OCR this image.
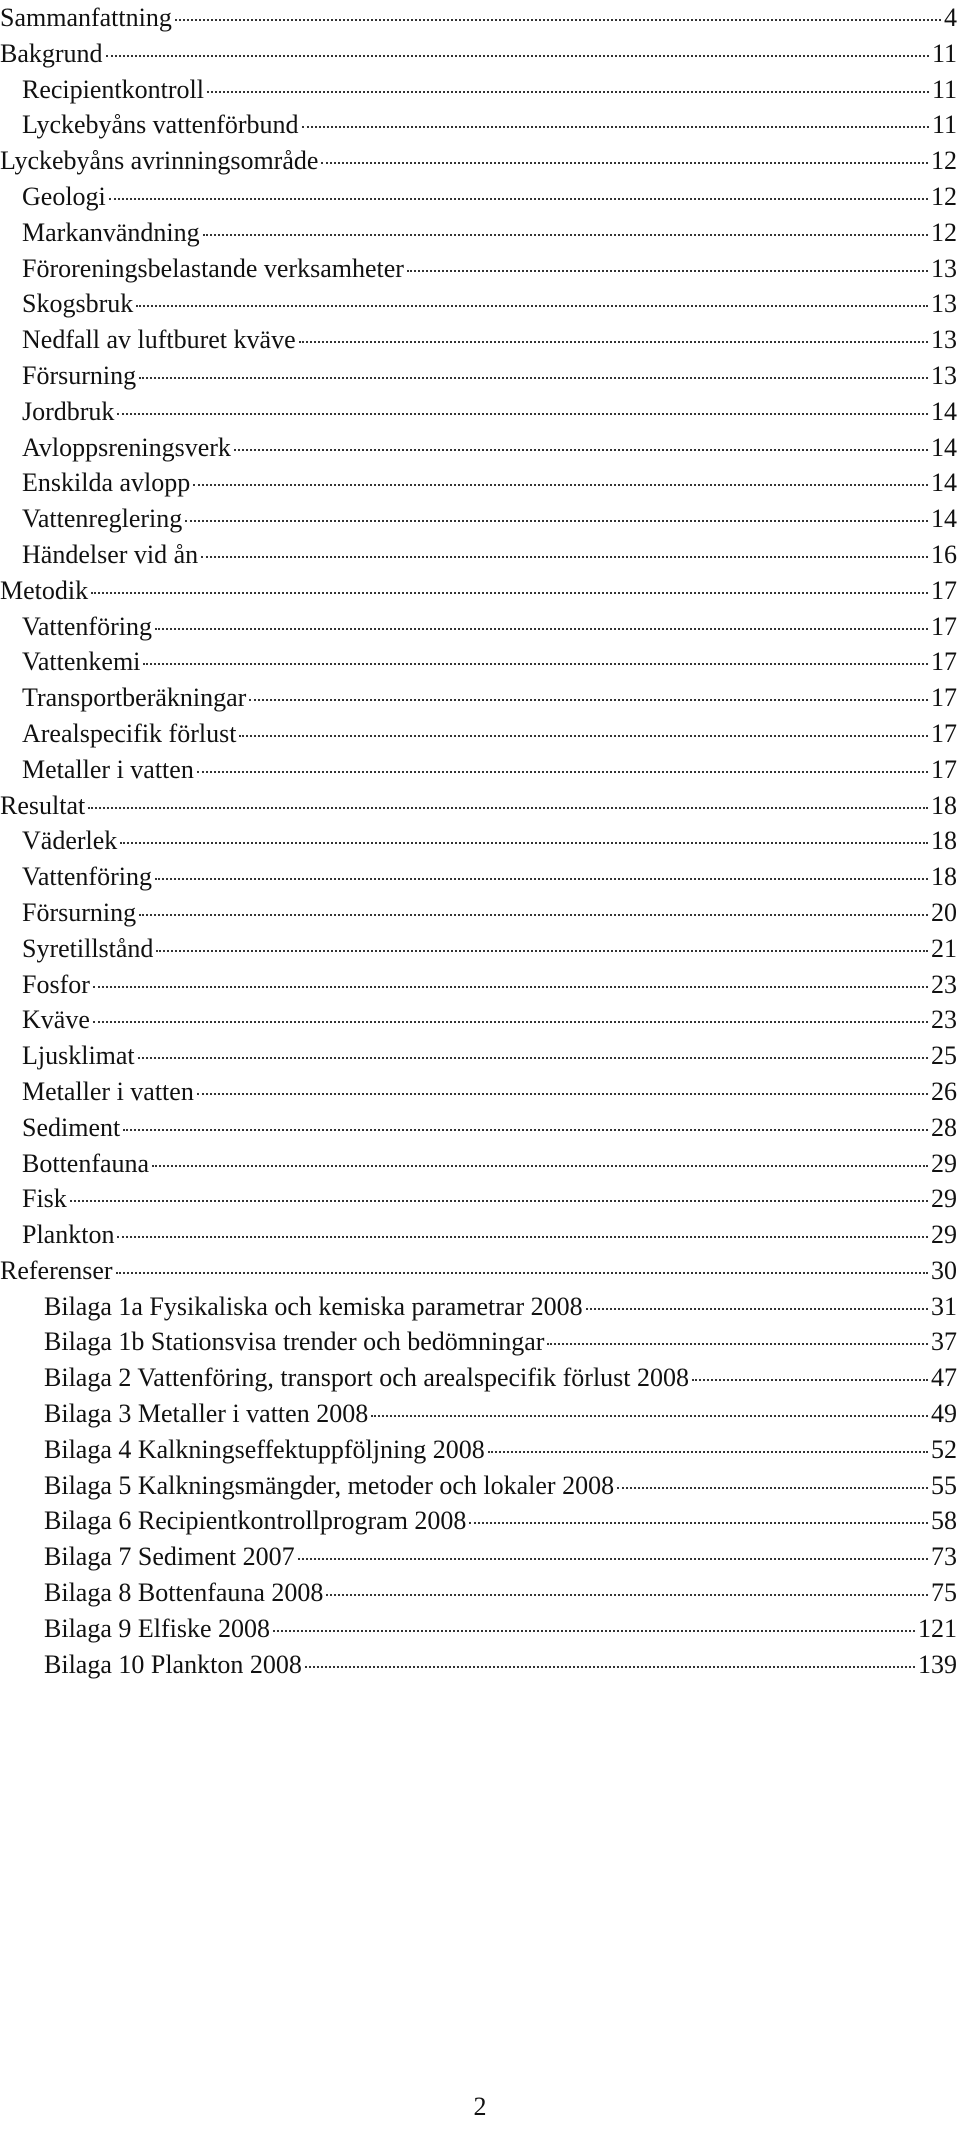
Sammanfattning	4
Bakgrund	11
Recipientkontroll	11
Lyckebyåns vattenförbund	11
Lyckebyåns avrinningsområde	12
Geologi	12
Markanvändning	12
Föroreningsbelastande verksamheter	13
Skogsbruk	13
Nedfall av luftburet kväve	13
Försurning	13
Jordbruk	14
Avloppsreningsverk	14
Enskilda avlopp	14
Vattenreglering	14
Händelser vid ån	16
Metodik	17
Vattenföring	17
Vattenkemi	17
Transportberäkningar	17
Arealspecifik förlust	17
Metaller i vatten	17
Resultat	18
Väderlek	18
Vattenföring	18
Försurning	20
Syretillstånd	21
Fosfor	23
Kväve	23
Ljusklimat	25
Metaller i vatten	26
Sediment	28
Bottenfauna	29
Fisk	29
Plankton	29
Referenser	30
Bilaga 1a Fysikaliska och kemiska parametrar 2008	31
Bilaga 1b Stationsvisa trender och bedömningar	37
Bilaga 2 Vattenföring, transport och arealspecifik förlust 2008	47
Bilaga 3 Metaller i vatten 2008	49
Bilaga 4 Kalkningseffektuppföljning 2008	52
Bilaga 5 Kalkningsmängder, metoder och lokaler 2008	55
Bilaga 6 Recipientkontrollprogram 2008	58
Bilaga 7 Sediment 2007	73
Bilaga 8 Bottenfauna 2008	75
Bilaga 9 Elfiske 2008	121
Bilaga 10 Plankton 2008	139
2
